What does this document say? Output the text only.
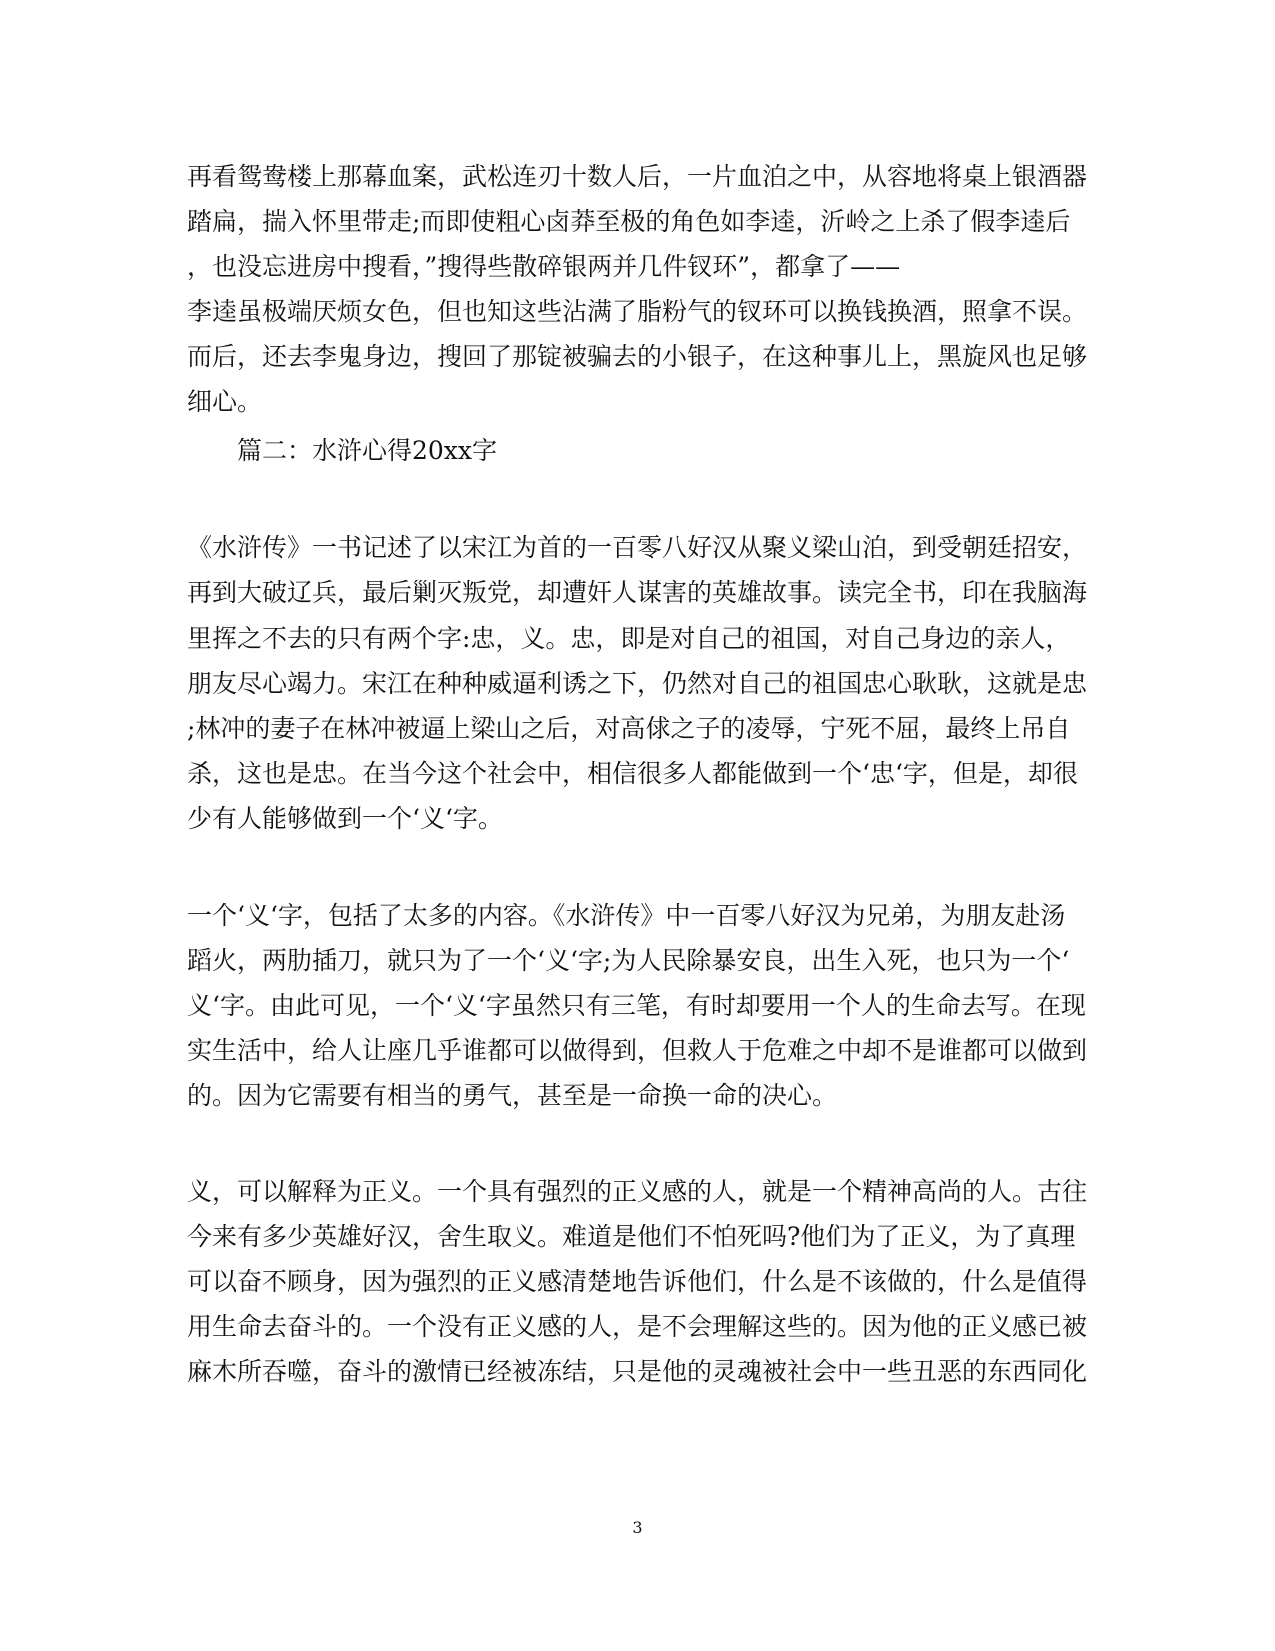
再看鸳鸯楼上那幕血案，武松连刃十数人后，一片血泊之中，从容地将桌上银酒器
踏扁，揣入怀里带走;而即使粗心卤莽至极的角色如李逵，沂岭之上杀了假李逵后
，也没忘进房中搜看，”搜得些散碎银两并几件钗环”，都拿了——
李逵虽极端厌烦女色，但也知这些沾满了脂粉气的钗环可以换钱换酒，照拿不误。
而后，还去李鬼身边，搜回了那锭被骗去的小银子，在这种事儿上，黑旋风也足够
细心。
篇二：水浒心得20xx字
《水浒传》一书记述了以宋江为首的一百零八好汉从聚义梁山泊，到受朝廷招安，
再到大破辽兵，最后剿灭叛党，却遭奸人谋害的英雄故事。读完全书，印在我脑海
里挥之不去的只有两个字:忠，义。忠，即是对自己的祖国，对自己身边的亲人，
朋友尽心竭力。宋江在种种威逼利诱之下，仍然对自己的祖国忠心耿耿，这就是忠
;林冲的妻子在林冲被逼上梁山之后，对高俅之子的凌辱，宁死不屈，最终上吊自
杀，这也是忠。在当今这个社会中，相信很多人都能做到一个‘忠‘字，但是，却很
少有人能够做到一个‘义‘字。
一个‘义‘字，包括了太多的内容。《水浒传》中一百零八好汉为兄弟，为朋友赴汤
蹈火，两肋插刀，就只为了一个‘义‘字;为人民除暴安良，出生入死，也只为一个‘
义‘字。由此可见，一个‘义‘字虽然只有三笔，有时却要用一个人的生命去写。在现
实生活中，给人让座几乎谁都可以做得到，但救人于危难之中却不是谁都可以做到
的。因为它需要有相当的勇气，甚至是一命换一命的决心。
义，可以解释为正义。一个具有强烈的正义感的人，就是一个精神高尚的人。古往
今来有多少英雄好汉，舍生取义。难道是他们不怕死吗?他们为了正义，为了真理
可以奋不顾身，因为强烈的正义感清楚地告诉他们，什么是不该做的，什么是值得
用生命去奋斗的。一个没有正义感的人，是不会理解这些的。因为他的正义感已被
麻木所吞噬，奋斗的激情已经被冻结，只是他的灵魂被社会中一些丑恶的东西同化
3
